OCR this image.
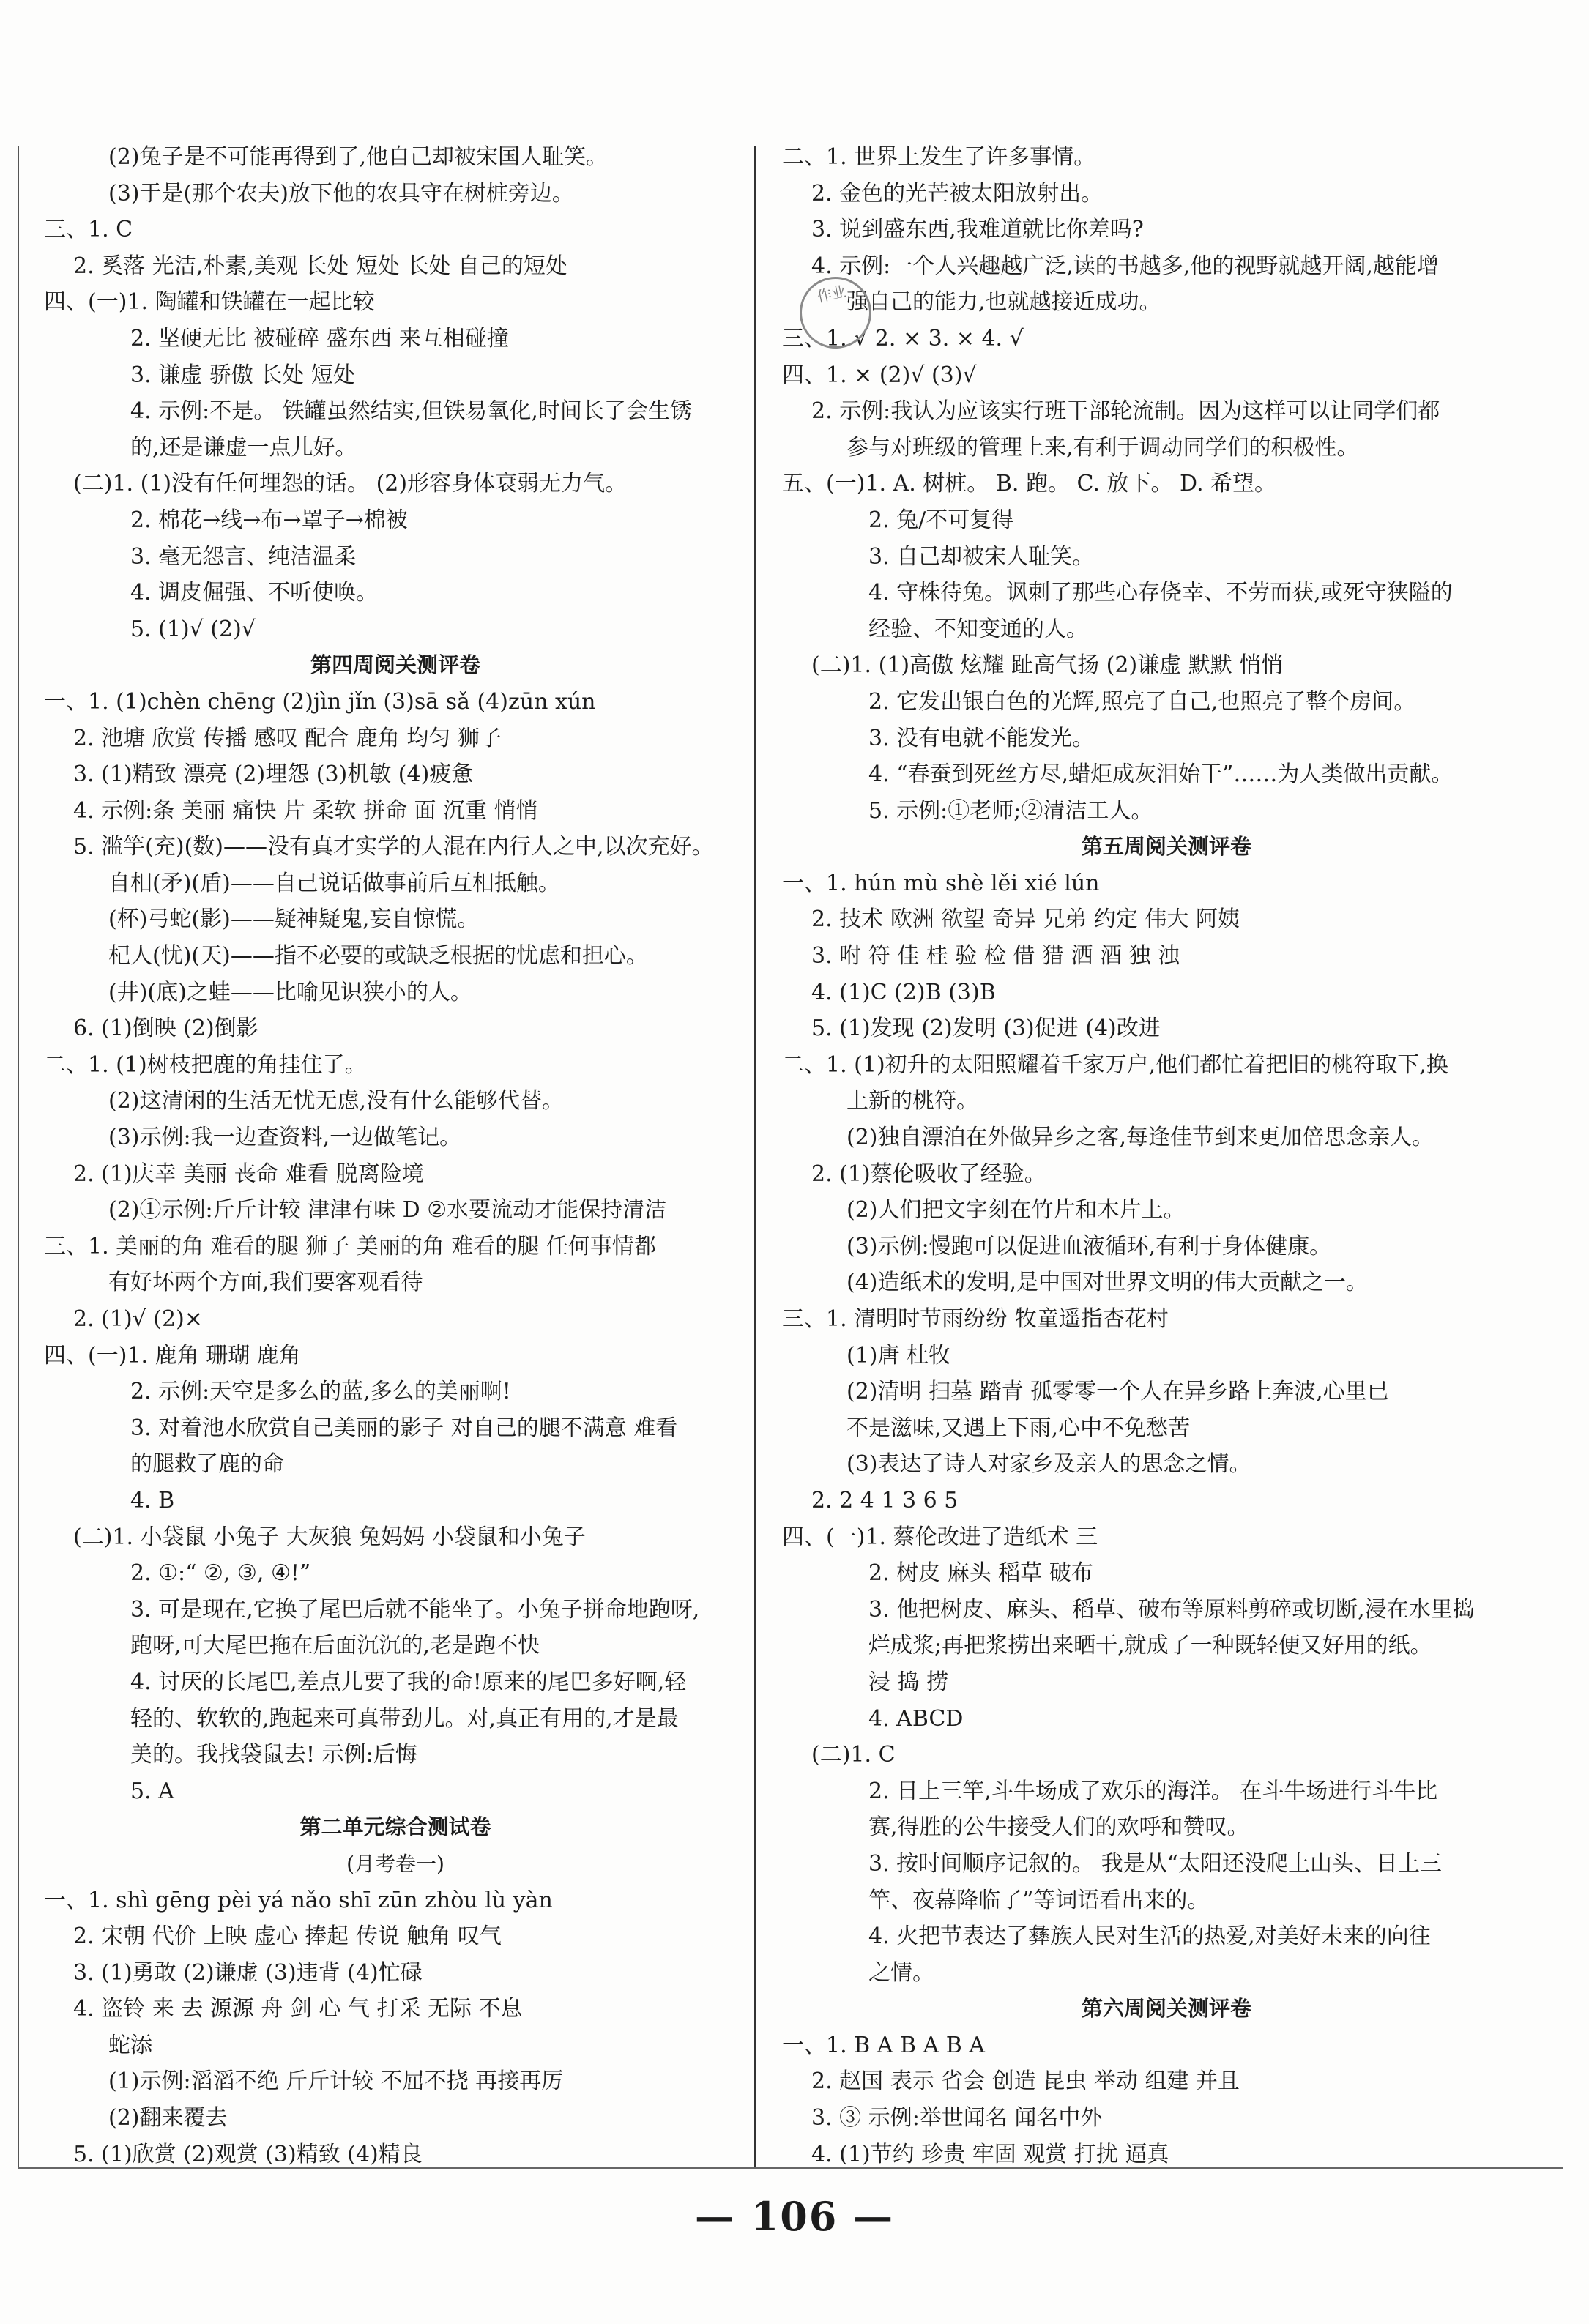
(2)兔子是不可能再得到了,他自己却被宋国人耻笑。
(3)于是(那个农夫)放下他的农具守在树桩旁边。
三、1. C
2. 奚落 光洁,朴素,美观 长处 短处 长处 自己的短处
四、(一)1. 陶罐和铁罐在一起比较
2. 坚硬无比 被碰碎 盛东西 来互相碰撞
3. 谦虚 骄傲 长处 短处
4. 示例:不是。 铁罐虽然结实,但铁易氧化,时间长了会生锈
的,还是谦虚一点儿好。
(二)1. (1)没有任何埋怨的话。 (2)形容身体衰弱无力气。
2. 棉花→线→布→罩子→棉被
3. 毫无怨言、纯洁温柔
4. 调皮倔强、不听使唤。
5. (1)√ (2)√
第四周阅关测评卷
一、1. (1)chèn chēng (2)jìn jǐn (3)sā sǎ (4)zūn xún
2. 池塘 欣赏 传播 感叹 配合 鹿角 均匀 狮子
3. (1)精致 漂亮 (2)埋怨 (3)机敏 (4)疲惫
4. 示例:条 美丽 痛快 片 柔软 拼命 面 沉重 悄悄
5. 滥竽(充)(数)——没有真才实学的人混在内行人之中,以次充好。
自相(矛)(盾)——自己说话做事前后互相抵触。
(杯)弓蛇(影)——疑神疑鬼,妄自惊慌。
杞人(忧)(天)——指不必要的或缺乏根据的忧虑和担心。
(井)(底)之蛙——比喻见识狭小的人。
6. (1)倒映 (2)倒影
二、1. (1)树枝把鹿的角挂住了。
(2)这清闲的生活无忧无虑,没有什么能够代替。
(3)示例:我一边查资料,一边做笔记。
2. (1)庆幸 美丽 丧命 难看 脱离险境
(2)①示例:斤斤计较 津津有味 D ②水要流动才能保持清洁
三、1. 美丽的角 难看的腿 狮子 美丽的角 难看的腿 任何事情都
有好坏两个方面,我们要客观看待
2. (1)√ (2)×
四、(一)1. 鹿角 珊瑚 鹿角
2. 示例:天空是多么的蓝,多么的美丽啊!
3. 对着池水欣赏自己美丽的影子 对自己的腿不满意 难看
的腿救了鹿的命
4. B
(二)1. 小袋鼠 小兔子 大灰狼 兔妈妈 小袋鼠和小兔子
2. ①:“ ②, ③, ④!”
3. 可是现在,它换了尾巴后就不能坐了。小兔子拼命地跑呀,
跑呀,可大尾巴拖在后面沉沉的,老是跑不快
4. 讨厌的长尾巴,差点儿要了我的命!原来的尾巴多好啊,轻
轻的、软软的,跑起来可真带劲儿。对,真正有用的,才是最
美的。我找袋鼠去! 示例:后悔
5. A
第二单元综合测试卷
(月考卷一)
一、1. shì gēng pèi yá nǎo shī zūn zhòu lù yàn
2. 宋朝 代价 上映 虚心 捧起 传说 触角 叹气
3. (1)勇敢 (2)谦虚 (3)违背 (4)忙碌
4. 盗铃 来 去 源源 舟 剑 心 气 打采 无际 不息
蛇添
(1)示例:滔滔不绝 斤斤计较 不屈不挠 再接再厉
(2)翻来覆去
5. (1)欣赏 (2)观赏 (3)精致 (4)精良
二、1. 世界上发生了许多事情。
2. 金色的光芒被太阳放射出。
3. 说到盛东西,我难道就比你差吗?
4. 示例:一个人兴趣越广泛,读的书越多,他的视野就越开阔,越能增
强自己的能力,也就越接近成功。
三、1. √ 2. × 3. × 4. √
四、1. × (2)√ (3)√
2. 示例:我认为应该实行班干部轮流制。因为这样可以让同学们都
参与对班级的管理上来,有利于调动同学们的积极性。
五、(一)1. A. 树桩。 B. 跑。 C. 放下。 D. 希望。
2. 兔/不可复得
3. 自己却被宋人耻笑。
4. 守株待兔。讽刺了那些心存侥幸、不劳而获,或死守狭隘的
经验、不知变通的人。
(二)1. (1)高傲 炫耀 趾高气扬 (2)谦虚 默默 悄悄
2. 它发出银白色的光辉,照亮了自己,也照亮了整个房间。
3. 没有电就不能发光。
4. “春蚕到死丝方尽,蜡炬成灰泪始干”……为人类做出贡献。
5. 示例:①老师;②清洁工人。
第五周阅关测评卷
一、1. hún mù shè lěi xié lún
2. 技术 欧洲 欲望 奇异 兄弟 约定 伟大 阿姨
3. 咐 符 佳 桂 验 检 借 猎 洒 酒 独 浊
4. (1)C (2)B (3)B
5. (1)发现 (2)发明 (3)促进 (4)改进
二、1. (1)初升的太阳照耀着千家万户,他们都忙着把旧的桃符取下,换
上新的桃符。
(2)独自漂泊在外做异乡之客,每逢佳节到来更加倍思念亲人。
2. (1)蔡伦吸收了经验。
(2)人们把文字刻在竹片和木片上。
(3)示例:慢跑可以促进血液循环,有利于身体健康。
(4)造纸术的发明,是中国对世界文明的伟大贡献之一。
三、1. 清明时节雨纷纷 牧童遥指杏花村
(1)唐 杜牧
(2)清明 扫墓 踏青 孤零零一个人在异乡路上奔波,心里已
不是滋味,又遇上下雨,心中不免愁苦
(3)表达了诗人对家乡及亲人的思念之情。
2. 2 4 1 3 6 5
四、(一)1. 蔡伦改进了造纸术 三
2. 树皮 麻头 稻草 破布
3. 他把树皮、麻头、稻草、破布等原料剪碎或切断,浸在水里捣
烂成浆;再把浆捞出来晒干,就成了一种既轻便又好用的纸。
浸 捣 捞
4. ABCD
(二)1. C
2. 日上三竿,斗牛场成了欢乐的海洋。 在斗牛场进行斗牛比
赛,得胜的公牛接受人们的欢呼和赞叹。
3. 按时间顺序记叙的。 我是从“太阳还没爬上山头、日上三
竿、夜幕降临了”等词语看出来的。
4. 火把节表达了彝族人民对生活的热爱,对美好未来的向往
之情。
第六周阅关测评卷
一、1. B A B A B A
2. 赵国 表示 省会 创造 昆虫 举动 组建 并且
3. ③ 示例:举世闻名 闻名中外
4. (1)节约 珍贵 牢固 观赏 打扰 逼真
作业
— 106 —
